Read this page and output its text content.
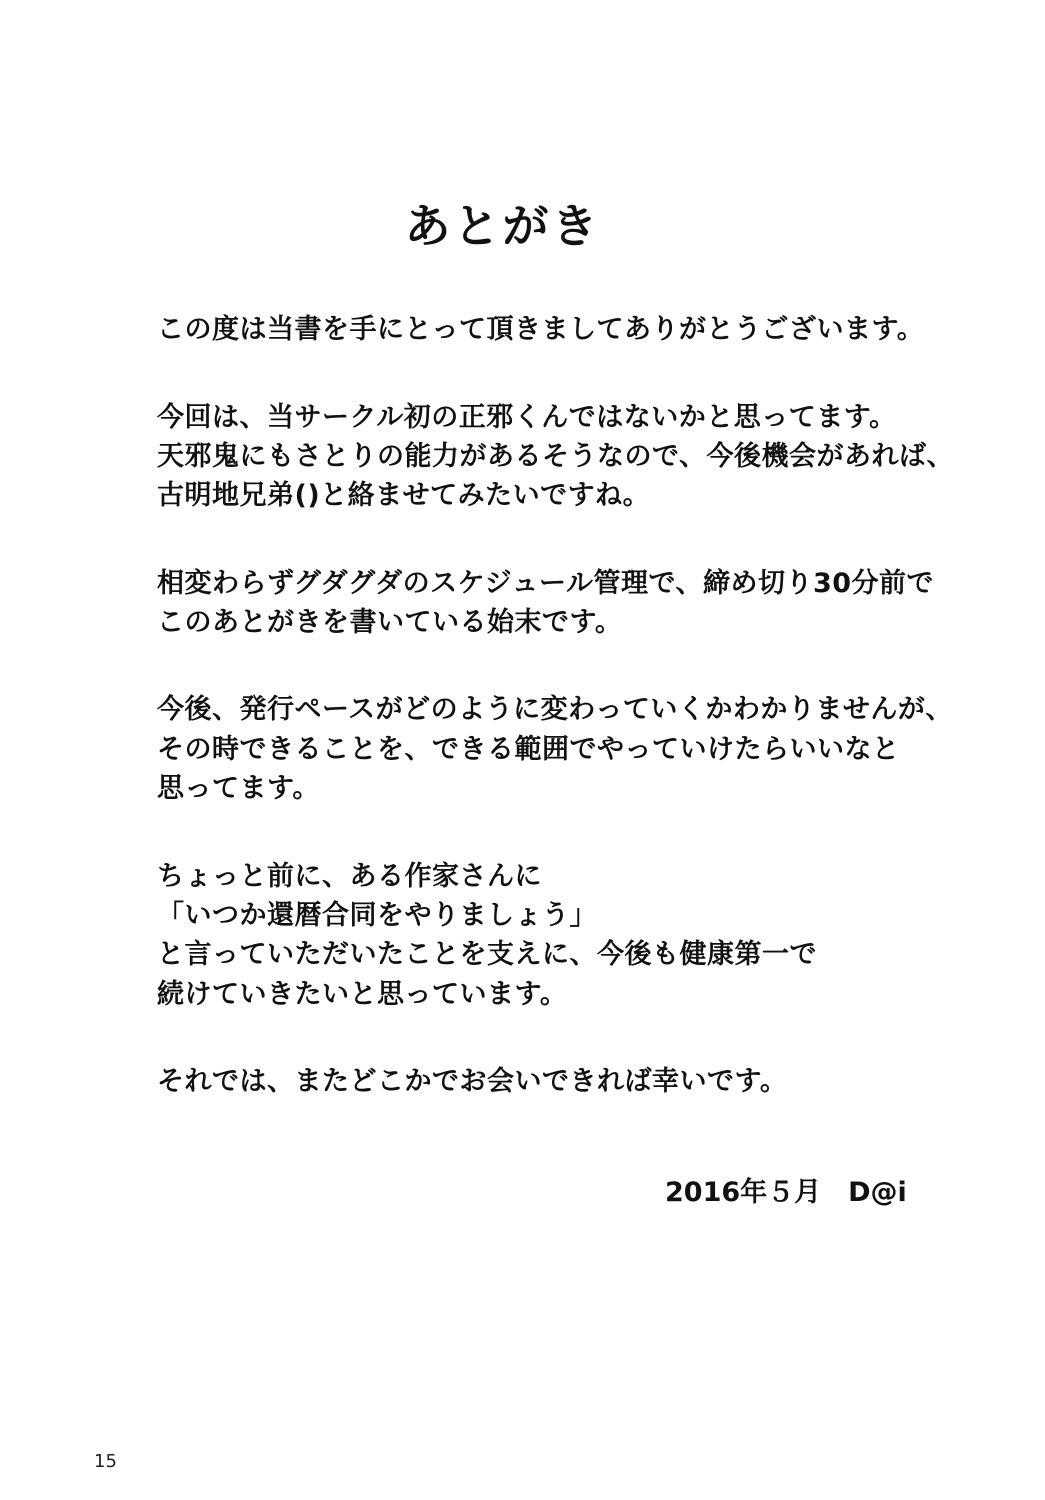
あとがき
この度は当書を手にとって頂きましてありがとうございます。
今回は、当サークル初の正邪くんではないかと思ってます。
天邪鬼にもさとりの能力があるそうなので、今後機会があれば、
古明地兄弟()と絡ませてみたいですね。
相変わらずグダグダのスケジュール管理で、締め切り30分前で
このあとがきを書いている始末です。
今後、発行ペースがどのように変わっていくかわかりませんが、
その時できることを、できる範囲でやっていけたらいいなと
思ってます。
ちょっと前に、ある作家さんに
「いつか還暦合同をやりましょう」
と言っていただいたことを支えに、今後も健康第一で
続けていきたいと思っています。
それでは、またどこかでお会いできれば幸いです。
2016年５月　D@i
15
